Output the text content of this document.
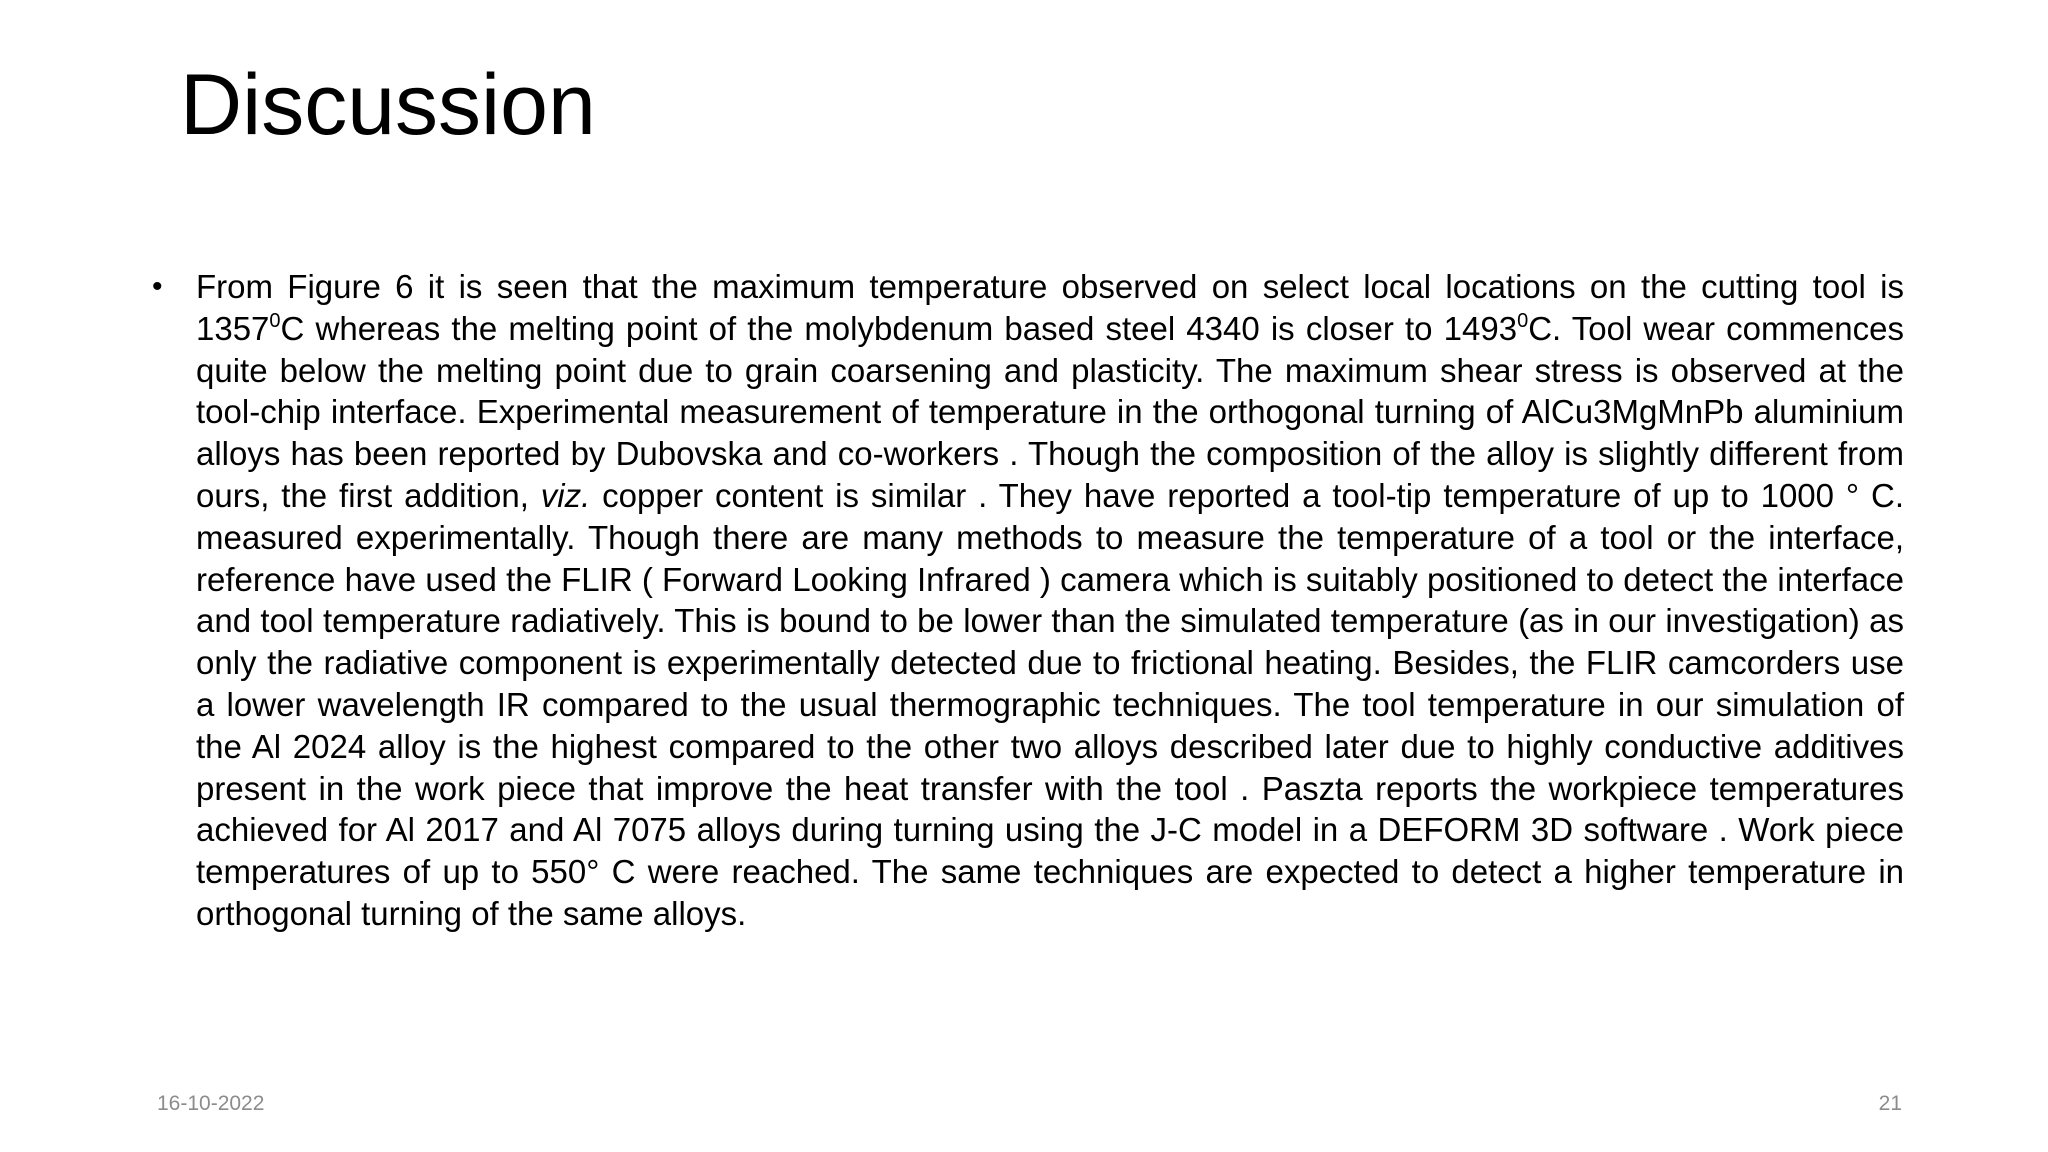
Discussion

• From Figure 6 it is seen that the maximum temperature observed on select local locations on the cutting tool is 1357$^0$C whereas the melting point of the molybdenum based steel 4340 is closer to 1493$^0$C. Tool wear commences quite below the melting point due to grain coarsening and plasticity. The maximum shear stress is observed at the tool-chip interface. Experimental measurement of temperature in the orthogonal turning of AlCu3MgMnPb aluminium alloys has been reported by Dubovska and co-workers . Though the composition of the alloy is slightly different from ours, the first addition, viz. copper content is similar . They have reported a tool-tip temperature of up to 1000 ° C. measured experimentally. Though there are many methods to measure the temperature of a tool or the interface, reference have used the FLIR ( Forward Looking Infrared ) camera which is suitably positioned to detect the interface and tool temperature radiatively. This is bound to be lower than the simulated temperature (as in our investigation) as only the radiative component is experimentally detected due to frictional heating. Besides, the FLIR camcorders use a lower wavelength IR compared to the usual thermographic techniques. The tool temperature in our simulation of the Al 2024 alloy is the highest compared to the other two alloys described later due to highly conductive additives present in the work piece that improve the heat transfer with the tool . Paszta reports the workpiece temperatures achieved for Al 2017 and Al 7075 alloys during turning using the J-C model in a DEFORM 3D software . Work piece temperatures of up to 550° C were reached. The same techniques are expected to detect a higher temperature in orthogonal turning of the same alloys.

16-10-2022	21
